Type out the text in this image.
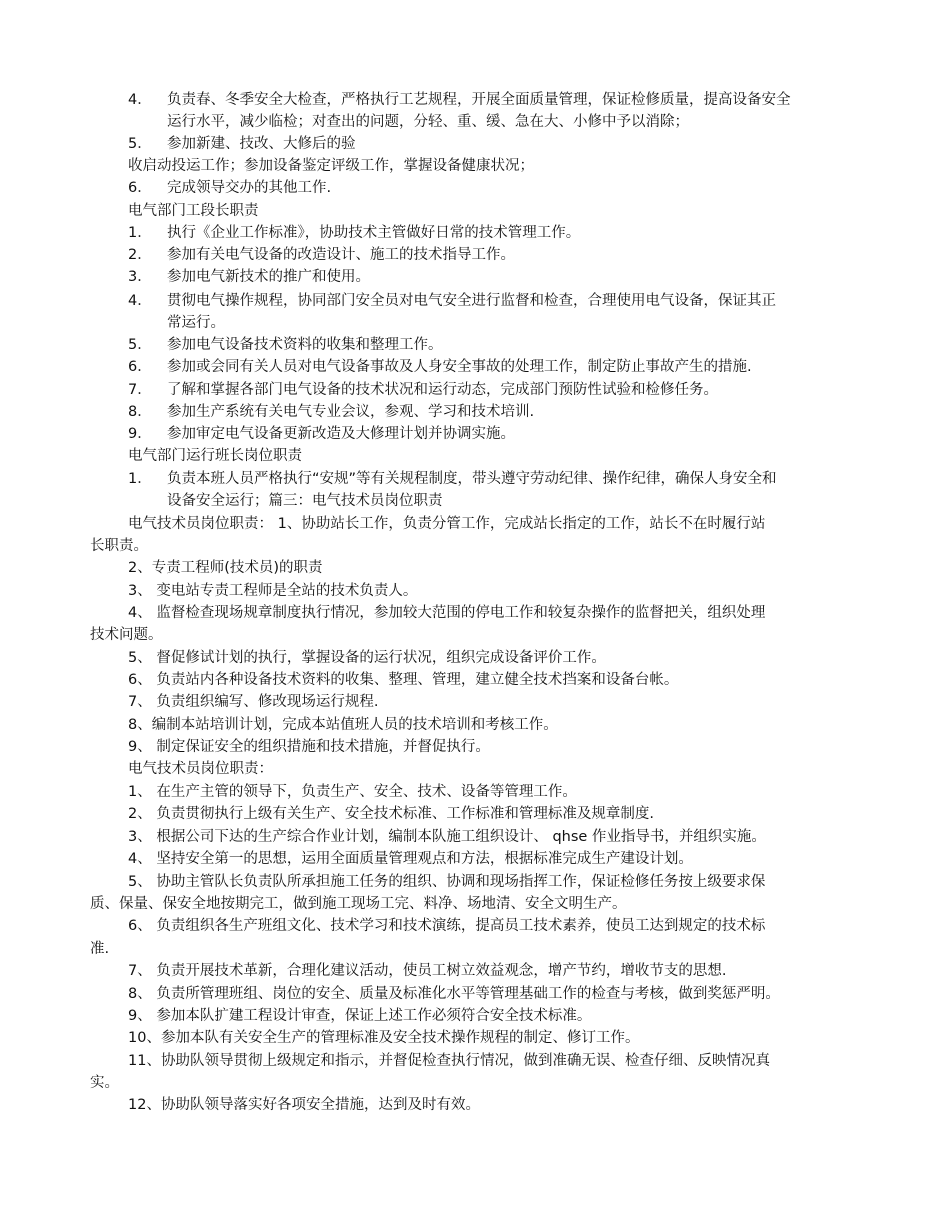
4． 负责春、冬季安全大检查，严格执行工艺规程，开展全面质量管理，保证检修质量，提高设备安全
运行水平，减少临检；对查出的问题，分轻、重、缓、急在大、小修中予以消除；
5． 参加新建、技改、大修后的验
收启动投运工作；参加设备鉴定评级工作，掌握设备健康状况；
6． 完成领导交办的其他工作.
电气部门工段长职责
1． 执行《企业工作标准》，协助技术主管做好日常的技术管理工作。
2． 参加有关电气设备的改造设计、施工的技术指导工作。
3． 参加电气新技术的推广和使用。
4． 贯彻电气操作规程，协同部门安全员对电气安全进行监督和检查，合理使用电气设备，保证其正
常运行。
5． 参加电气设备技术资料的收集和整理工作。
6． 参加或会同有关人员对电气设备事故及人身安全事故的处理工作，制定防止事故产生的措施.
7． 了解和掌握各部门电气设备的技术状况和运行动态，完成部门预防性试验和检修任务。
8． 参加生产系统有关电气专业会议，参观、学习和技术培训.
9． 参加审定电气设备更新改造及大修理计划并协调实施。
电气部门运行班长岗位职责
1． 负责本班人员严格执行“安规”等有关规程制度，带头遵守劳动纪律、操作纪律，确保人身安全和
设备安全运行；篇三：电气技术员岗位职责
电气技术员岗位职责： 1、协助站长工作，负责分管工作，完成站长指定的工作，站长不在时履行站
长职责。
2、专责工程师(技术员)的职责
3、 变电站专责工程师是全站的技术负责人。
4、 监督检查现场规章制度执行情况，参加较大范围的停电工作和较复杂操作的监督把关，组织处理
技术问题。
5、 督促修试计划的执行，掌握设备的运行状况，组织完成设备评价工作。
6、 负责站内各种设备技术资料的收集、整理、管理，建立健全技术挡案和设备台帐。
7、 负责组织编写、修改现场运行规程.
8、编制本站培训计划，完成本站值班人员的技术培训和考核工作。
9、 制定保证安全的组织措施和技术措施，并督促执行。
电气技术员岗位职责：
1、 在生产主管的领导下，负责生产、安全、技术、设备等管理工作。
2、 负责贯彻执行上级有关生产、安全技术标准、工作标准和管理标准及规章制度.
3、 根据公司下达的生产综合作业计划，编制本队施工组织设计、 qhse 作业指导书，并组织实施。
4、 坚持安全第一的思想，运用全面质量管理观点和方法，根据标准完成生产建设计划。
5、 协助主管队长负责队所承担施工任务的组织、协调和现场指挥工作，保证检修任务按上级要求保
质、保量、保安全地按期完工，做到施工现场工完、料净、场地清、安全文明生产。
6、 负责组织各生产班组文化、技术学习和技术演练，提高员工技术素养，使员工达到规定的技术标
准.
7、 负责开展技术革新，合理化建议活动，使员工树立效益观念，增产节约，增收节支的思想.
8、 负责所管理班组、岗位的安全、质量及标准化水平等管理基础工作的检查与考核，做到奖惩严明。
9、 参加本队扩建工程设计审查，保证上述工作必须符合安全技术标准。
10、参加本队有关安全生产的管理标准及安全技术操作规程的制定、修订工作。
11、协助队领导贯彻上级规定和指示，并督促检查执行情况，做到准确无误、检查仔细、反映情况真
实。
12、协助队领导落实好各项安全措施，达到及时有效。
